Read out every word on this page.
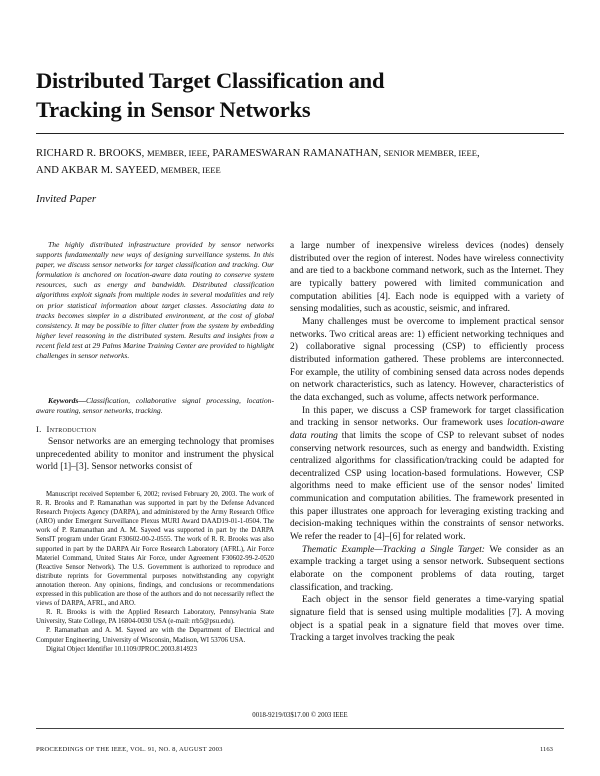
Distributed Target Classification and
Tracking in Sensor Networks
RICHARD R. BROOKS, MEMBER, IEEE, PARAMESWARAN RAMANATHAN, SENIOR MEMBER, IEEE,
AND AKBAR M. SAYEED, MEMBER, IEEE
Invited Paper

The highly distributed infrastructure provided by sensor networks supports fundamentally new ways of designing surveillance systems. In this paper, we discuss sensor networks for target classification and tracking. Our formulation is anchored on location-aware data routing to conserve system resources, such as energy and bandwidth. Distributed classification algorithms exploit signals from multiple nodes in several modalities and rely on prior statistical information about target classes. Associating data to tracks becomes simpler in a distributed environment, at the cost of global consistency. It may be possible to filter clutter from the system by embedding higher level reasoning in the distributed system. Results and insights from a recent field test at 29 Palms Marine Training Center are provided to highlight challenges in sensor networks.

Keywords—Classification, collaborative signal processing, location-aware routing, sensor networks, tracking.
I. Introduction

Sensor networks are an emerging technology that promises unprecedented ability to monitor and instrument the physical world [1]–[3]. Sensor networks consist of

Manuscript received September 6, 2002; revised February 20, 2003. The work of R. R. Brooks and P. Ramanathan was supported in part by the Defense Advanced Research Projects Agency (DARPA), and administered by the Army Research Office (ARO) under Emergent Surveillance Plexus MURI Award DAAD19-01-1-0504. The work of P. Ramanathan and A. M. Sayeed was supported in part by the DARPA SensIT program under Grant F30602-00-2-0555. The work of R. R. Brooks was also supported in part by the DARPA Air Force Research Laboratory (AFRL), Air Force Materiel Command, United States Air Force, under Agreement F30602-99-2-0520 (Reactive Sensor Network). The U.S. Government is authorized to reproduce and distribute reprints for Governmental purposes notwithstanding any copyright annotation thereon. Any opinions, findings, and conclusions or recommendations expressed in this publication are those of the authors and do not necessarily reflect the views of DARPA, AFRL, and ARO.

R. R. Brooks is with the Applied Research Laboratory, Pennsylvania State University, State College, PA 16804-0030 USA (e-mail: rrb5@psu.edu).

P. Ramanathan and A. M. Sayeed are with the Department of Electrical and Computer Engineering, University of Wisconsin, Madison, WI 53706 USA.

Digital Object Identifier 10.1109/JPROC.2003.814923

a large number of inexpensive wireless devices (nodes) densely distributed over the region of interest. Nodes have wireless connectivity and are tied to a backbone command network, such as the Internet. They are typically battery powered with limited communication and computation abilities [4]. Each node is equipped with a variety of sensing modalities, such as acoustic, seismic, and infrared.

Many challenges must be overcome to implement practical sensor networks. Two critical areas are: 1) efficient networking techniques and 2) collaborative signal processing (CSP) to efficiently process distributed information gathered. These problems are interconnected. For example, the utility of combining sensed data across nodes depends on network characteristics, such as latency. However, characteristics of the data exchanged, such as volume, affects network performance.

In this paper, we discuss a CSP framework for target classification and tracking in sensor networks. Our framework uses location-aware data routing that limits the scope of CSP to relevant subset of nodes conserving network resources, such as energy and bandwidth. Existing centralized algorithms for classification/tracking could be adapted for decentralized CSP using location-based formulations. However, CSP algorithms need to make efficient use of the sensor nodes' limited communication and computation abilities. The framework presented in this paper illustrates one approach for leveraging existing tracking and decision-making techniques within the constraints of sensor networks. We refer the reader to [4]–[6] for related work.

Thematic Example—Tracking a Single Target: We consider as an example tracking a target using a sensor network. Subsequent sections elaborate on the component problems of data routing, target classification, and tracking.

Each object in the sensor field generates a time-varying spatial signature field that is sensed using multiple modalities [7]. A moving object is a spatial peak in a signature field that moves over time. Tracking a target involves tracking the peak

0018-9219/03$17.00 © 2003 IEEE
PROCEEDINGS OF THE IEEE, VOL. 91, NO. 8, AUGUST 2003	1163
